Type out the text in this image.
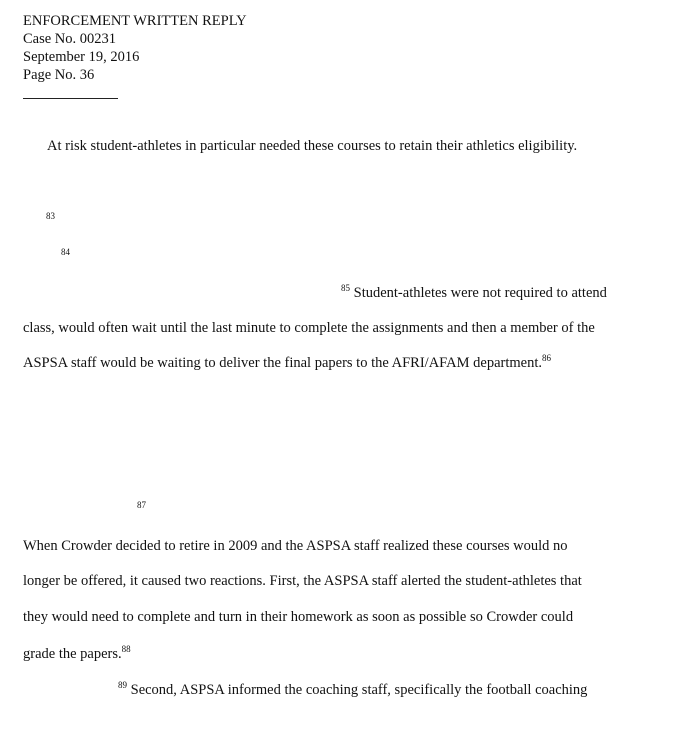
ENFORCEMENT WRITTEN REPLY
Case No. 00231
September 19, 2016
Page No. 36
At risk student-athletes in particular needed these courses to retain their athletics eligibility.
83
84
$^{85}$ Student-athletes were not required to attend
class, would often wait until the last minute to complete the assignments and then a member of the
ASPSA staff would be waiting to deliver the final papers to the AFRI/AFAM department.$^{86}$
87
When Crowder decided to retire in 2009 and the ASPSA staff realized these courses would no
longer be offered, it caused two reactions. First, the ASPSA staff alerted the student-athletes that
they would need to complete and turn in their homework as soon as possible so Crowder could
grade the papers.$^{88}$
$^{89}$ Second, ASPSA informed the coaching staff, specifically the football coaching
